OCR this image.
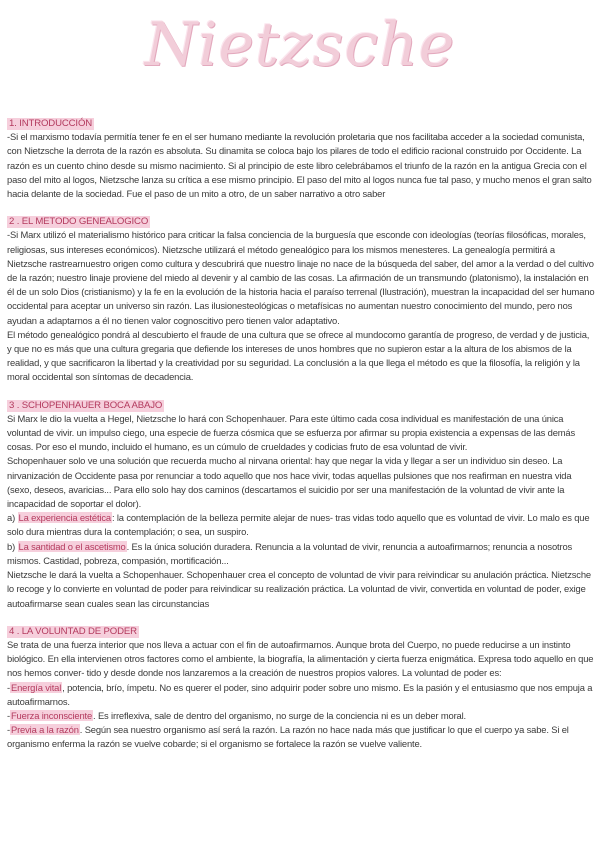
Nietzsche
1. INTRODUCCIÓN

-Si el marxismo todavía permitía tener fe en el ser humano mediante la revolución proletaria que nos facilitaba acceder a la sociedad comunista, con Nietzsche la derrota de la razón es absoluta. Su dinamita se coloca bajo los pilares de todo el edificio racional construido por Occidente. La razón es un cuento chino desde su mismo nacimiento. Si al principio de este libro celebrábamos el triunfo de la razón en la antigua Grecia con el paso del mito al logos, Nietzsche lanza su crítica a ese mismo principio. El paso del mito al logos nunca fue tal paso, y mucho menos el gran salto hacia delante de la sociedad. Fue el paso de un mito a otro, de un saber narrativo a otro saber

2 . EL METODO GENEALOGICO

-Si Marx utilizó el materialismo histórico para criticar la falsa conciencia de la burguesía que esconde con ideologías (teorías filosóficas, morales, religiosas, sus intereses económicos). Nietzsche utilizará el método genealógico para los mismos menesteres. La genealogía permitirá a Nietzsche rastrearnuestro origen como cultura y descubrirá que nuestro linaje no nace de la búsqueda del saber, del amor a la verdad o del cultivo de la razón; nuestro linaje proviene del miedo al devenir y al cambio de las cosas. La afirmación de un transmundo (platonismo), la instalación en él de un solo Dios (cristianismo) y la fe en la evolución de la historia hacia el paraíso terrenal (Ilustración), muestran la incapacidad del ser humano occidental para aceptar un universo sin razón. Las ilusionesteológicas o metafísicas no aumentan nuestro conocimiento del mundo, pero nos ayudan a adaptarnos a él no tienen valor cognoscitivo pero tienen valor adaptativo.

El método genealógico pondrá al descubierto el fraude de una cultura que se ofrece al mundocomo garantía de progreso, de verdad y de justicia, y que no es más que una cultura gregaria que defiende los intereses de unos hombres que no supieron estar a la altura de los abismos de la realidad, y que sacrificaron la libertad y la creatividad por su seguridad. La conclusión a la que llega el método es que la filosofía, la religión y la moral occidental son síntomas de decadencia.

3 . SCHOPENHAUER BOCA ABAJO

Si Marx le dio la vuelta a Hegel, Nietzsche lo hará con Schopenhauer. Para este último cada cosa individual es manifestación de una única voluntad de vivir. un impulso ciego, una especie de fuerza cósmica que se esfuerza por afirmar su propia existencia a expensas de las demás cosas. Por eso el mundo, incluido el humano, es un cúmulo de crueldades y codicias fruto de esa voluntad de vivir.

Schopenhauer solo ve una solución que recuerda mucho al nirvana oriental: hay que negar la vida y llegar a ser un individuo sin deseo. La nirvanización de Occidente pasa por renunciar a todo aquello que nos hace vivir, todas aquellas pulsiones que nos reafirman en nuestra vida (sexo, deseos, avaricias... Para ello solo hay dos caminos (descartamos el suicidio por ser una manifestación de la voluntad de vivir ante la incapacidad de soportar el dolor).

a) La experiencia estética: la contemplación de la belleza permite alejar de nues- tras vidas todo aquello que es voluntad de vivir. Lo malo es que solo dura mientras dura la contemplación; o sea, un suspiro.

b) La santidad o el ascetismo. Es la única solución duradera. Renuncia a la voluntad de vivir, renuncia a autoafirmarnos; renuncia a nosotros mismos. Castidad, pobreza, compasión, mortificación...

Nietzsche le dará la vuelta a Schopenhauer. Schopenhauer crea el concepto de voluntad de vivir para reivindicar su anulación práctica. Nietzsche lo recoge y lo convierte en voluntad de poder para reivindicar su realización práctica. La voluntad de vivir, convertida en voluntad de poder, exige autoafirmarse sean cuales sean las circunstancias

4 . LA VOLUNTAD DE PODER

Se trata de una fuerza interior que nos lleva a actuar con el fin de autoafirmarnos. Aunque brota del Cuerpo, no puede reducirse a un instinto biológico. En ella intervienen otros factores como el ambiente, la biografía, la alimentación y cierta fuerza enigmática. Expresa todo aquello en que nos hemos conver- tido y desde donde nos lanzaremos a la creación de nuestros propios valores. La voluntad de poder es:

-Energía vital, potencia, brío, ímpetu. No es querer el poder, sino adquirir poder sobre uno mismo. Es la pasión y el entusiasmo que nos empuja a autoafirmarnos.

-Fuerza inconsciente. Es irreflexiva, sale de dentro del organismo, no surge de la conciencia ni es un deber moral.

-Previa a la razón. Según sea nuestro organismo así será la razón. La razón no hace nada más que justificar lo que el cuerpo ya sabe. Si el organismo enferma la razón se vuelve cobarde; si el organismo se fortalece la razón se vuelve valiente.
